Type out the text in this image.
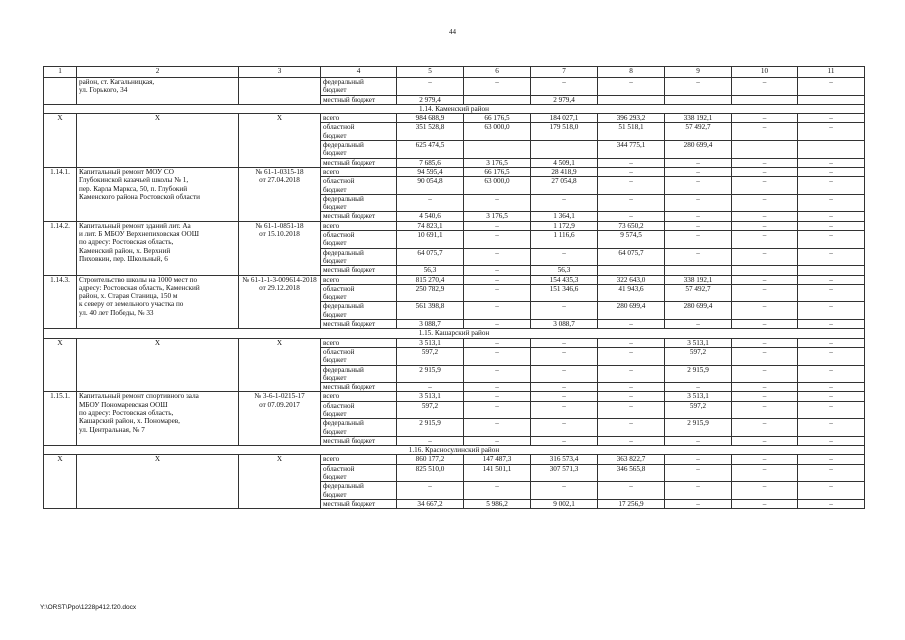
44
1	2	3	4	5	6	7	8	9	10	11
	район, ст. Кагальницкая,
ул. Горького, 34		федеральный
бюджет	–	–	–	–	–	–	–
			местный бюджет	2 979,4		2 979,4				
1.14. Каменский район										
Х	Х	Х	всего	984 688,9	66 176,5	184 027,1	396 293,2	338 192,1	–	–
			областной
бюджет	351 528,8	63 000,0	179 518,0	51 518,1	57 492,7	–	–
			федеральный
бюджет	625 474,5			344 775,1	280 699,4		
			местный бюджет	7 685,6	3 176,5	4 509,1	–	–	–	–
1.14.1.	Капитальный ремонт МОУ СО
Глубокинской казачьей школы № 1,
пер. Карла Маркса, 50, п. Глубокий
Каменского района Ростовской области	№ 61-1-0315-18
от 27.04.2018	всего	94 595,4	66 176,5	28 418,9	–	–	–	–
			областной
бюджет	90 054,8	63 000,0	27 054,8	–	–	–	–
			федеральный
бюджет	–	–	–	–	–	–	–
			местный бюджет	4 540,6	3 176,5	1 364,1	–	–	–	–
1.14.2.	Капитальный ремонт зданий лит. Аа
и лит. Б МБОУ Верхнепиховская ООШ
по адресу: Ростовская область,
Каменский район, х. Верхний
Пиховкин, пер. Школьный, 6	№ 61-1-0851-18
от 15.10.2018	всего	74 823,1	–	1 172,9	73 650,2	–	–	–
			областной
бюджет	10 691,1	–	1 116,6	9 574,5	–	–	–
			федеральный
бюджет	64 075,7	–	–	64 075,7	–	–	–
			местный бюджет	56,3	–	56,3				
1.14.3.	Строительство школы на 1000 мест по
адресу: Ростовская область, Каменский
район, х. Старая Станица, 150 м
к северу от земельного участка по
ул. 40 лет Победы, № 33	№ 61-1-1-3-009614-2018
от 29.12.2018	всего	815 270,4	–	154 435,3	322 643,0	338 192,1	–	–
			областной
бюджет	250 782,9	–	151 346,6	41 943,6	57 492,7	–	–
			федеральный
бюджет	561 398,8	–	–	280 699,4	280 699,4	–	–
			местный бюджет	3 088,7	–	3 088,7	–	–	–	–
1.15. Кашарский район										
Х	Х	Х	всего	3 513,1	–	–	–	3 513,1	–	–
			областной
бюджет	597,2	–	–	–	597,2	–	–
			федеральный
бюджет	2 915,9	–	–	–	2 915,9	–	–
			местный бюджет	–	–	–	–	–	–	–
1.15.1.	Капитальный ремонт спортивного зала
МБОУ Пономаревская ООШ
по адресу: Ростовская область,
Кашарский район, х. Пономарев,
ул. Центральная, № 7	№ 3-6-1-0215-17
от 07.09.2017	всего	3 513,1	–	–	–	3 513,1	–	–
			областной
бюджет	597,2	–	–	–	597,2	–	–
			федеральный
бюджет	2 915,9	–	–	–	2 915,9	–	–
			местный бюджет	–	–	–	–	–	–	–
1.16. Красносулинский район										
Х	Х	Х	всего	860 177,2	147 487,3	316 573,4	363 822,7	–	–	–
			областной
бюджет	825 510,0	141 501,1	307 571,3	346 565,8	–	–	–
			федеральный
бюджет	–	–	–	–	–	–	–
			местный бюджет	34 667,2	5 986,2	9 002,1	17 256,9	–	–	–
Y:\ORST\Ppo\1228p412.f20.docx
